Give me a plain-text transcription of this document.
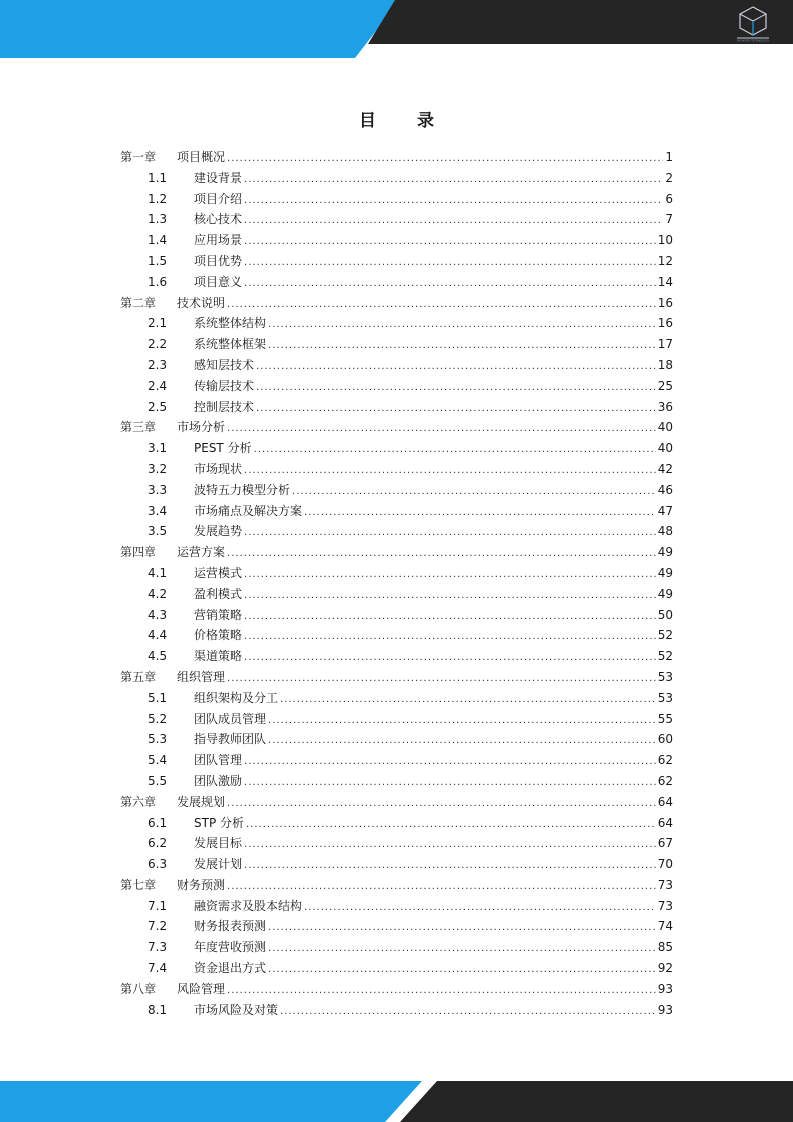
SKYWOOD TECHNOLOGY
目　录
第一章	项目概况 .....	1
1.1	建设背景 .....	2
1.2	项目介绍 .....	6
1.3	核心技术 .....	7
1.4	应用场景 .....	10
1.5	项目优势 .....	12
1.6	项目意义 .....	14
第二章	技术说明 .....	16
2.1	系统整体结构 .....	16
2.2	系统整体框架 .....	17
2.3	感知层技术 .....	18
2.4	传输层技术 .....	25
2.5	控制层技术 .....	36
第三章	市场分析 .....	40
3.1	PEST 分析 .....	40
3.2	市场现状 .....	42
3.3	波特五力模型分析 .....	46
3.4	市场痛点及解决方案 .....	47
3.5	发展趋势 .....	48
第四章	运营方案 .....	49
4.1	运营模式 .....	49
4.2	盈利模式 .....	49
4.3	营销策略 .....	50
4.4	价格策略 .....	52
4.5	渠道策略 .....	52
第五章	组织管理 .....	53
5.1	组织架构及分工 .....	53
5.2	团队成员管理 .....	55
5.3	指导教师团队 .....	60
5.4	团队管理 .....	62
5.5	团队激励 .....	62
第六章	发展规划 .....	64
6.1	STP 分析 .....	64
6.2	发展目标 .....	67
6.3	发展计划 .....	70
第七章	财务预测 .....	73
7.1	融资需求及股本结构 .....	73
7.2	财务报表预测 .....	74
7.3	年度营收预测 .....	85
7.4	资金退出方式 .....	92
第八章	风险管理 .....	93
8.1	市场风险及对策 .....	93
